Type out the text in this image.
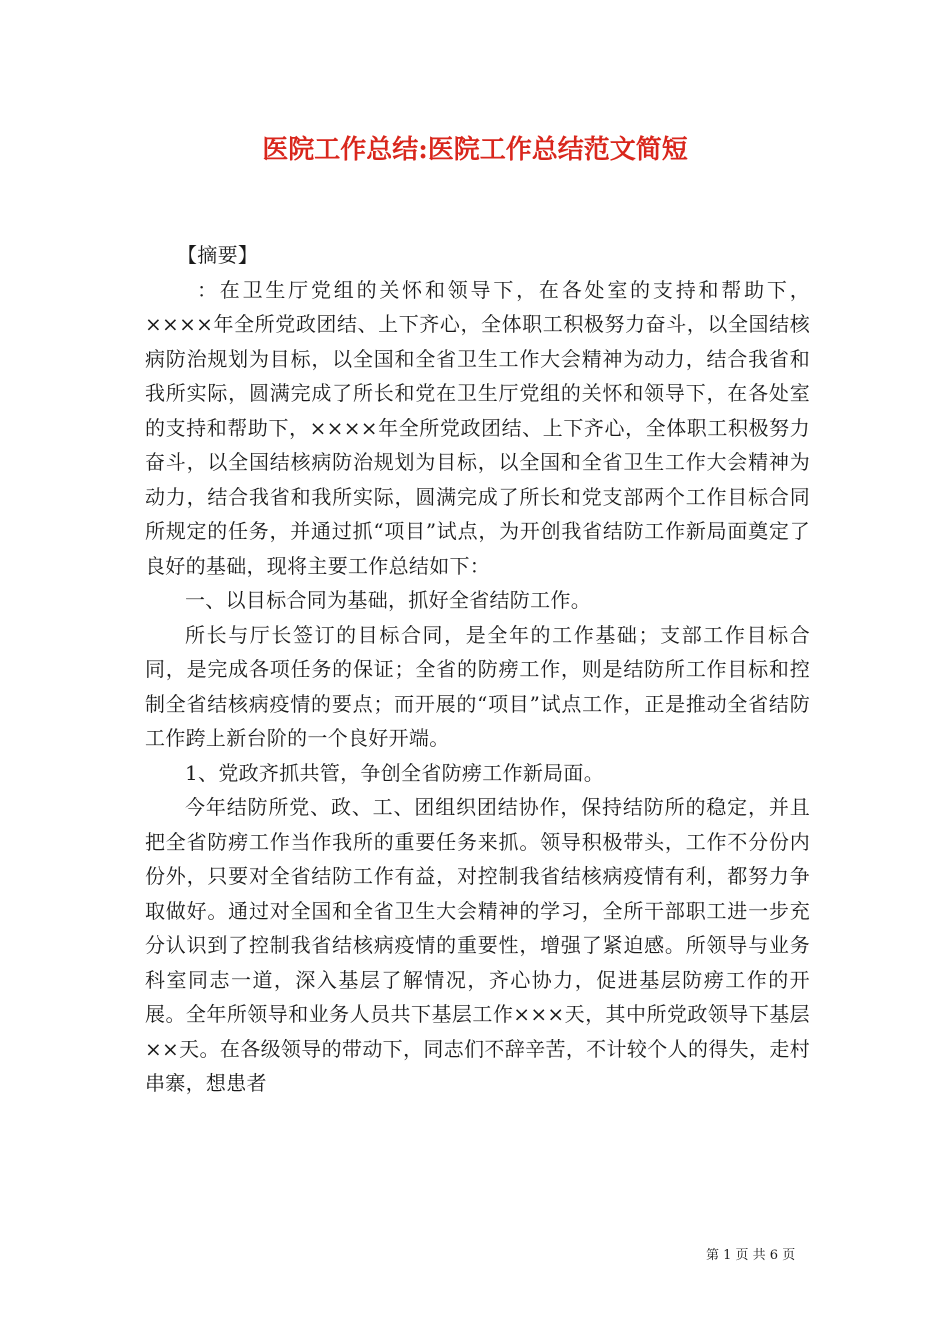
医院工作总结:医院工作总结范文简短

【摘要】

：在卫生厅党组的关怀和领导下，在各处室的支持和帮助下，××××年全所党政团结、上下齐心，全体职工积极努力奋斗，以全国结核病防治规划为目标，以全国和全省卫生工作大会精神为动力，结合我省和我所实际，圆满完成了所长和党在卫生厅党组的关怀和领导下，在各处室的支持和帮助下，××××年全所党政团结、上下齐心，全体职工积极努力奋斗，以全国结核病防治规划为目标，以全国和全省卫生工作大会精神为动力，结合我省和我所实际，圆满完成了所长和党支部两个工作目标合同所规定的任务，并通过抓“项目”试点，为开创我省结防工作新局面奠定了良好的基础，现将主要工作总结如下：

一、以目标合同为基础，抓好全省结防工作。

所长与厅长签订的目标合同，是全年的工作基础；支部工作目标合同，是完成各项任务的保证；全省的防痨工作，则是结防所工作目标和控制全省结核病疫情的要点；而开展的“项目”试点工作，正是推动全省结防工作跨上新台阶的一个良好开端。

1、党政齐抓共管，争创全省防痨工作新局面。

今年结防所党、政、工、团组织团结协作，保持结防所的稳定，并且把全省防痨工作当作我所的重要任务来抓。领导积极带头，工作不分份内份外，只要对全省结防工作有益，对控制我省结核病疫情有利，都努力争取做好。通过对全国和全省卫生大会精神的学习，全所干部职工进一步充分认识到了控制我省结核病疫情的重要性，增强了紧迫感。所领导与业务科室同志一道，深入基层了解情况，齐心协力，促进基层防痨工作的开展。全年所领导和业务人员共下基层工作×××天，其中所党政领导下基层××天。在各级领导的带动下，同志们不辞辛苦，不计较个人的得失，走村串寨，想患者

第 1 页 共 6 页
